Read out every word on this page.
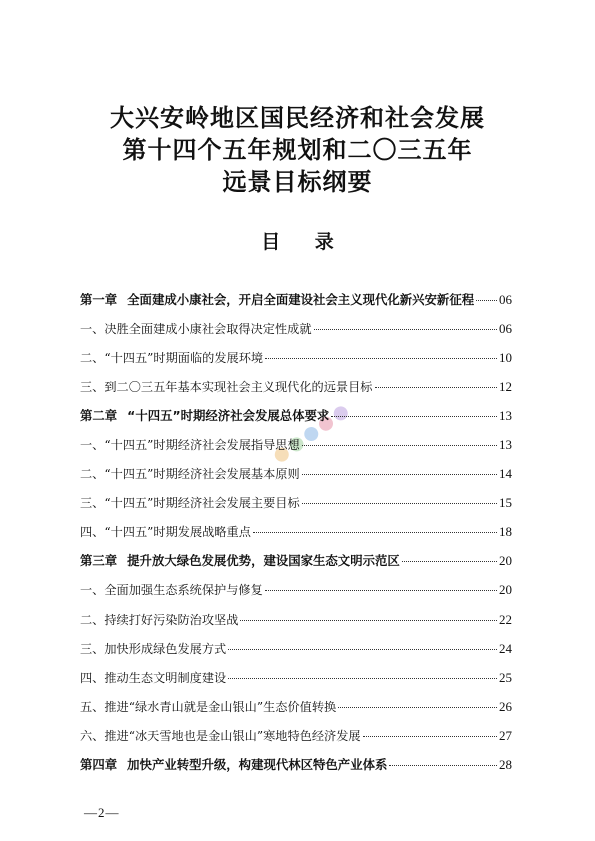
大兴安岭地区国民经济和社会发展
第十四个五年规划和二〇三五年
远景目标纲要
目 录
第一章 全面建成小康社会，开启全面建设社会主义现代化新兴安新征程 06
一、决胜全面建成小康社会取得决定性成就	06
二、“十四五”时期面临的发展环境	10
三、到二〇三五年基本实现社会主义现代化的远景目标	12
第二章 “十四五”时期经济社会发展总体要求	13
一、“十四五”时期经济社会发展指导思想	13
二、“十四五”时期经济社会发展基本原则	14
三、“十四五”时期经济社会发展主要目标	15
四、“十四五”时期发展战略重点	18
第三章 提升放大绿色发展优势，建设国家生态文明示范区	20
一、全面加强生态系统保护与修复	20
二、持续打好污染防治攻坚战	22
三、加快形成绿色发展方式	24
四、推动生态文明制度建设	25
五、推进“绿水青山就是金山银山”生态价值转换	26
六、推进“冰天雪地也是金山银山”寒地特色经济发展	27
第四章 加快产业转型升级，构建现代林区特色产业体系	28
—2—
